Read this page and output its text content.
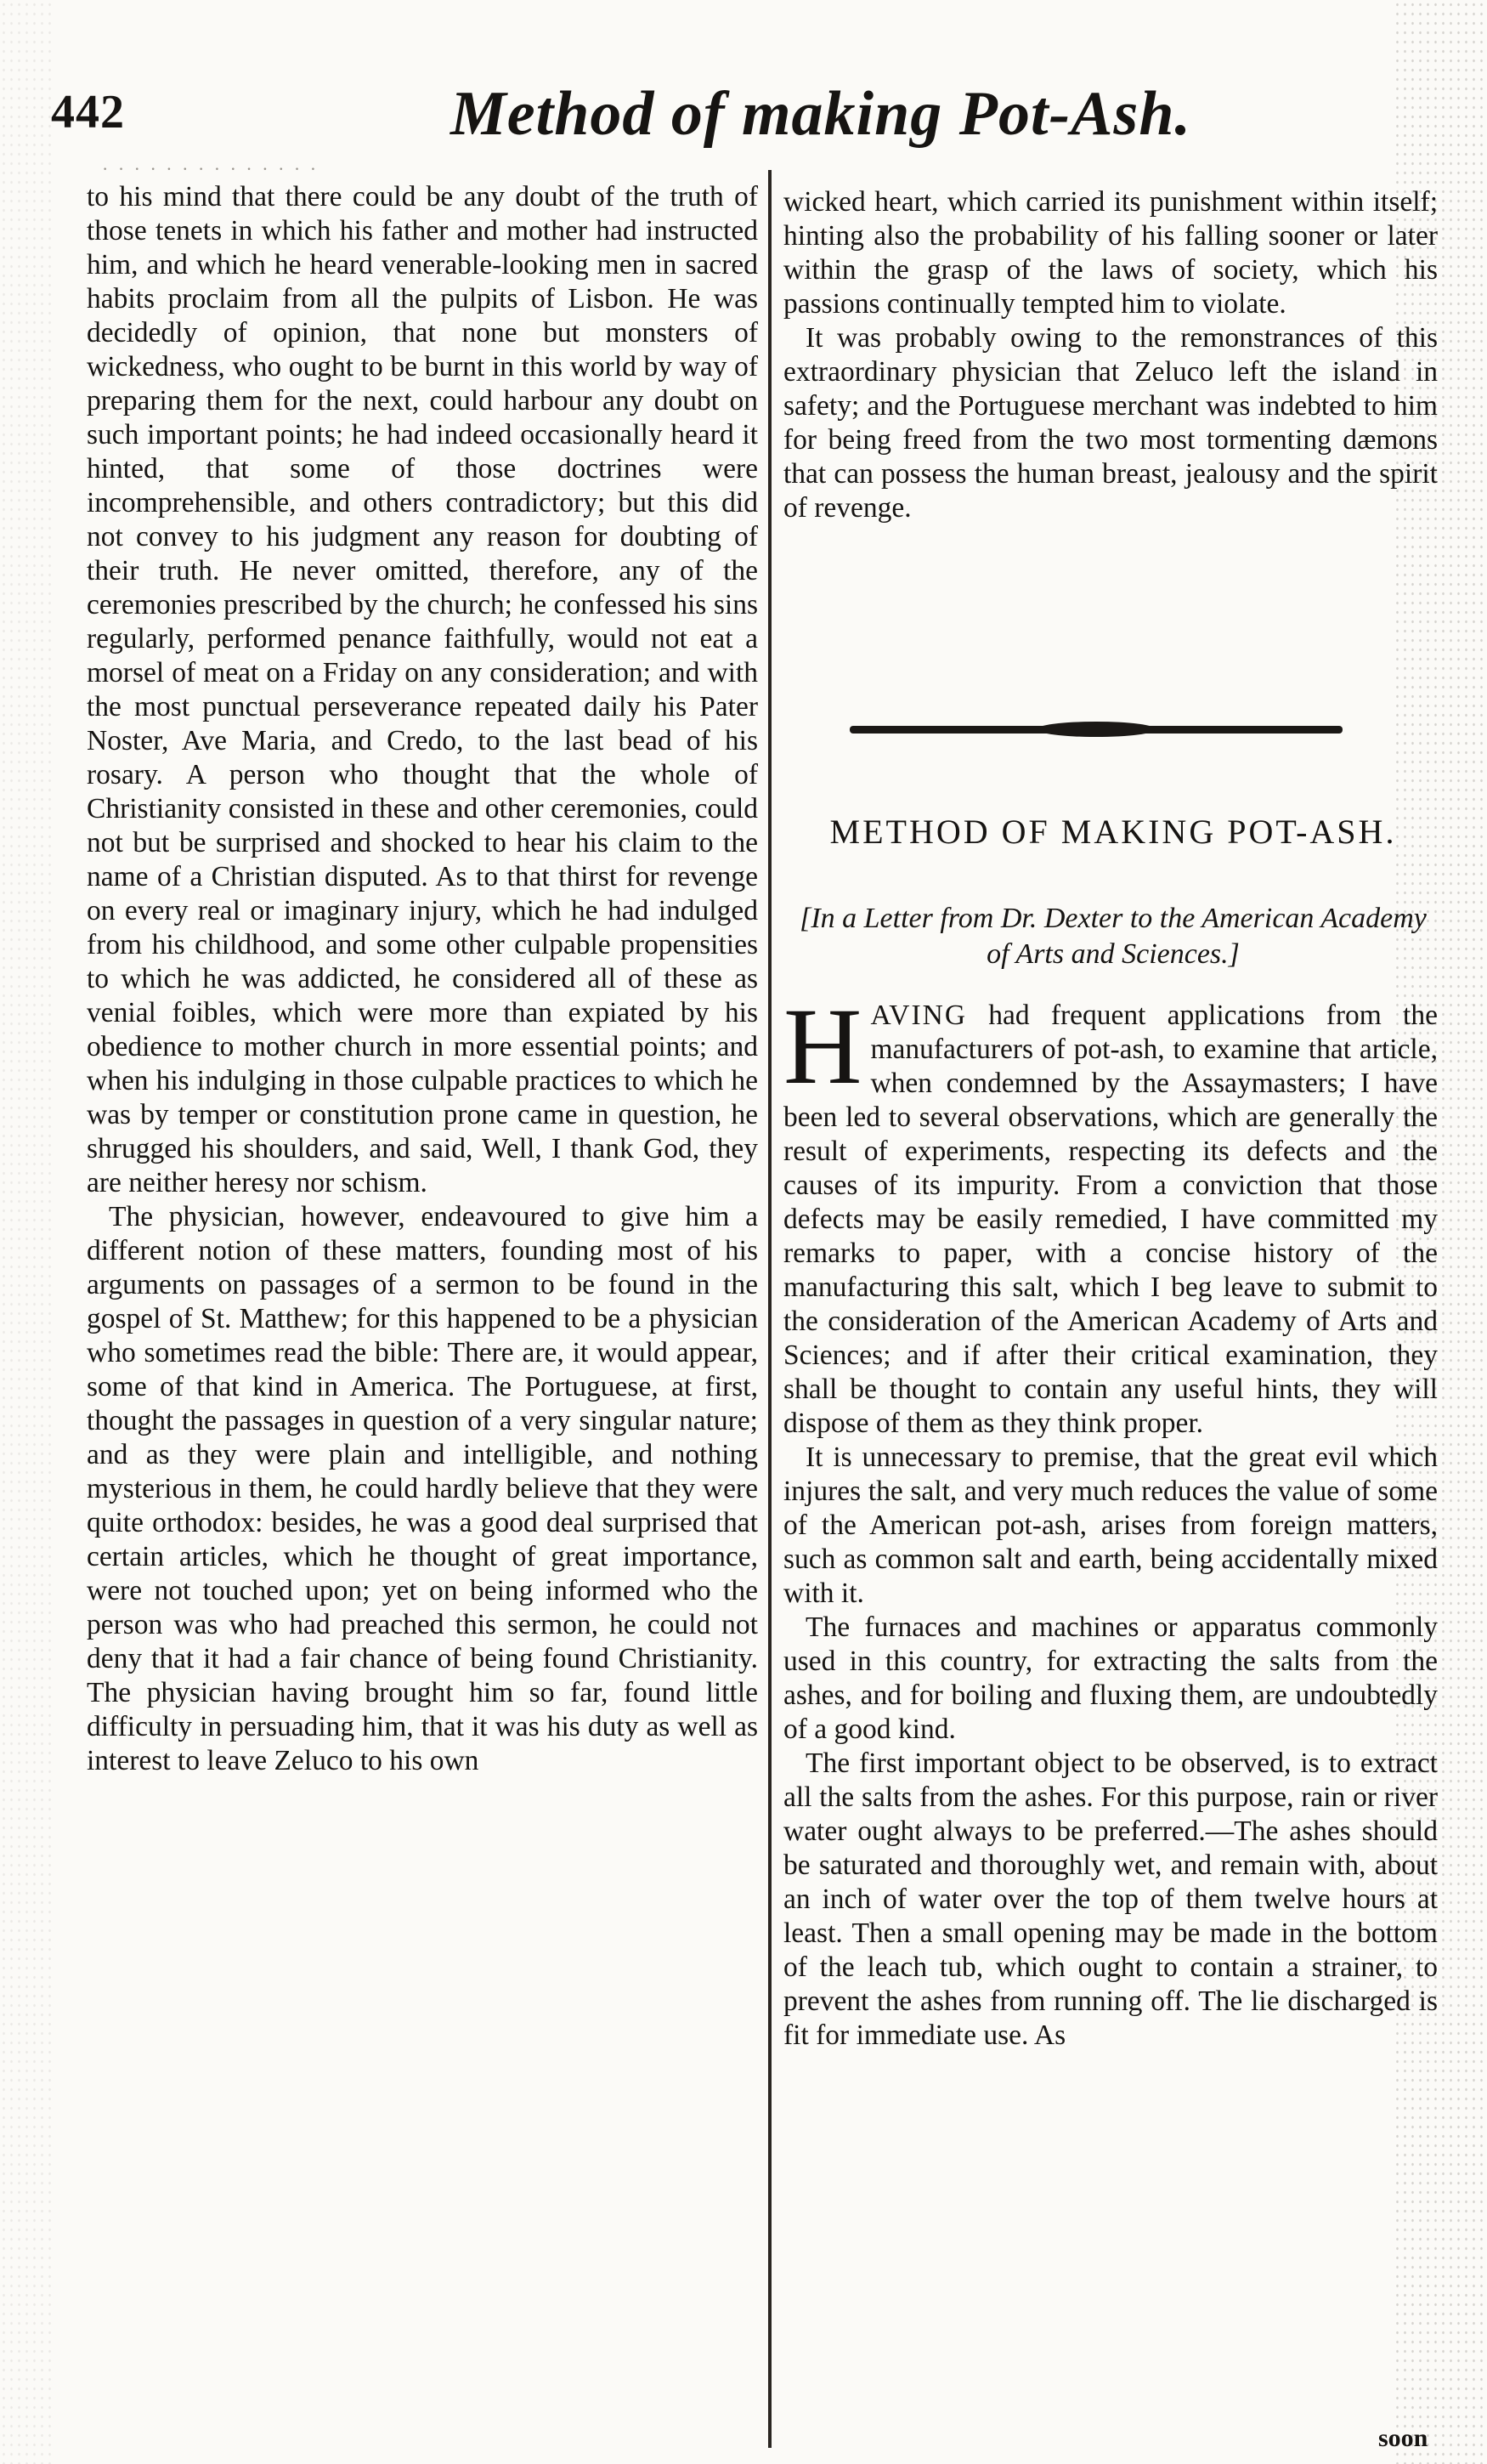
442	Method of making Pot-Ash.
· · · · · · · · · · · · · ·

to his mind that there could be any doubt of the truth of those tenets in which his father and mother had instructed him, and which he heard venerable-looking men in sacred habits proclaim from all the pulpits of Lisbon. He was decidedly of opinion, that none but monsters of wickedness, who ought to be burnt in this world by way of preparing them for the next, could harbour any doubt on such important points; he had indeed occasionally heard it hinted, that some of those doctrines were incomprehensible, and others contradictory; but this did not convey to his judgment any reason for doubting of their truth. He never omitted, therefore, any of the ceremonies prescribed by the church; he confessed his sins regularly, performed penance faithfully, would not eat a morsel of meat on a Friday on any consideration; and with the most punctual perseverance repeated daily his Pater Noster, Ave Maria, and Credo, to the last bead of his rosary. A person who thought that the whole of Christianity consisted in these and other ceremonies, could not but be surprised and shocked to hear his claim to the name of a Christian disputed. As to that thirst for revenge on every real or imaginary injury, which he had indulged from his childhood, and some other culpable propensities to which he was addicted, he considered all of these as venial foibles, which were more than expiated by his obedience to mother church in more essential points; and when his indulging in those culpable practices to which he was by temper or constitution prone came in question, he shrugged his shoulders, and said, Well, I thank God, they are neither heresy nor schism.

The physician, however, endeavoured to give him a different notion of these matters, founding most of his arguments on passages of a sermon to be found in the gospel of St. Matthew; for this happened to be a physician who sometimes read the bible: There are, it would appear, some of that kind in America. The Portuguese, at first, thought the passages in question of a very singular nature; and as they were plain and intelligible, and nothing mysterious in them, he could hardly believe that they were quite orthodox: besides, he was a good deal surprised that certain articles, which he thought of great importance, were not touched upon; yet on being informed who the person was who had preached this sermon, he could not deny that it had a fair chance of being found Christianity. The physician having brought him so far, found little difficulty in persuading him, that it was his duty as well as interest to leave Zeluco to his own

wicked heart, which carried its punishment within itself; hinting also the probability of his falling sooner or later within the grasp of the laws of society, which his passions continually tempted him to violate.

It was probably owing to the remonstrances of this extraordinary physician that Zeluco left the island in safety; and the Portuguese merchant was indebted to him for being freed from the two most tormenting dæmons that can possess the human breast, jealousy and the spirit of revenge.

METHOD OF MAKING POT-ASH.
[In a Letter from Dr. Dexter to the American Academy of Arts and Sciences.]

HAVING had frequent applications from the manufacturers of pot-ash, to examine that article, when condemned by the Assaymasters; I have been led to several observations, which are generally the result of experiments, respecting its defects and the causes of its impurity. From a conviction that those defects may be easily remedied, I have committed my remarks to paper, with a concise history of the manufacturing this salt, which I beg leave to submit to the consideration of the American Academy of Arts and Sciences; and if after their critical examination, they shall be thought to contain any useful hints, they will dispose of them as they think proper.

It is unnecessary to premise, that the great evil which injures the salt, and very much reduces the value of some of the American pot-ash, arises from foreign matters, such as common salt and earth, being accidentally mixed with it.

The furnaces and machines or apparatus commonly used in this country, for extracting the salts from the ashes, and for boiling and fluxing them, are undoubtedly of a good kind.

The first important object to be observed, is to extract all the salts from the ashes. For this purpose, rain or river water ought always to be preferred.—The ashes should be saturated and thoroughly wet, and remain with, about an inch of water over the top of them twelve hours at least. Then a small opening may be made in the bottom of the leach tub, which ought to contain a strainer, to prevent the ashes from running off. The lie discharged is fit for immediate use. As

soon
